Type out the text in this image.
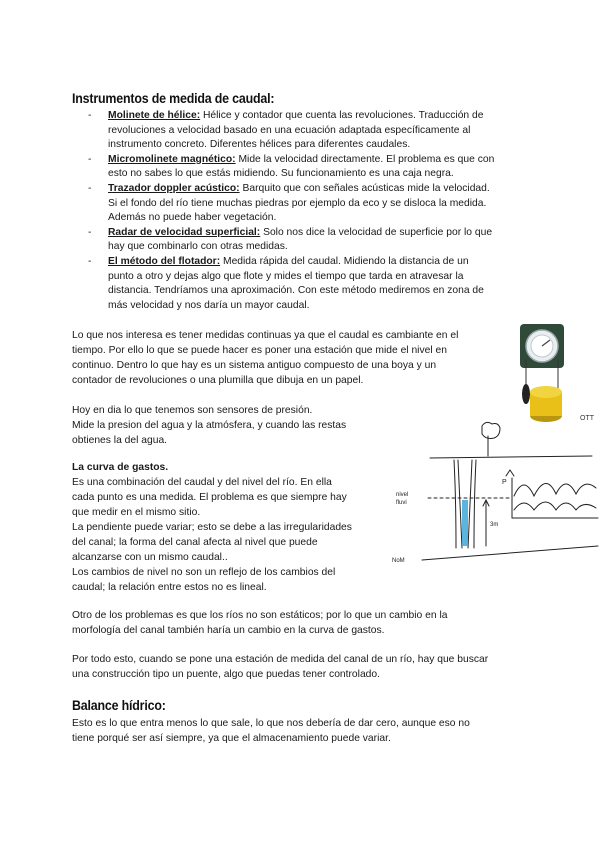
Instrumentos de medida de caudal:
- Molinete de hélice: Hélice y contador que cuenta las revoluciones. Traducción de
revoluciones a velocidad basado en una ecuación adaptada específicamente al
instrumento concreto. Diferentes hélices para diferentes caudales.
- Micromolinete magnético: Mide la velocidad directamente. El problema es que con
esto no sabes lo que estás midiendo. Su funcionamiento es una caja negra.
- Trazador doppler acústico: Barquito que con señales acústicas mide la velocidad.
Si el fondo del río tiene muchas piedras por ejemplo da eco y se disloca la medida.
Además no puede haber vegetación.
- Radar de velocidad superficial: Solo nos dice la velocidad de superficie por lo que
hay que combinarlo con otras medidas.
- El método del flotador: Medida rápida del caudal. Midiendo la distancia de un
punto a otro y dejas algo que flote y mides el tiempo que tarda en atravesar la
distancia. Tendríamos una aproximación. Con este método mediremos en zona de
más velocidad y nos daría un mayor caudal.
Lo que nos interesa es tener medidas continuas ya que el caudal es cambiante en el
tiempo. Por ello lo que se puede hacer es poner una estación que mide el nivel en
continuo. Dentro lo que hay es un sistema antiguo compuesto de una boya y un
contador de revoluciones o una plumilla que dibuja en un papel.
Hoy en dia lo que tenemos son sensores de presión.
Mide la presion del agua y la atmósfera, y cuando las restas
obtienes la del agua.
La curva de gastos.
Es una combinación del caudal y del nivel del río. En ella
cada punto es una medida. El problema es que siempre hay
que medir en el mismo sitio.
La pendiente puede variar; esto se debe a las irregularidades
del canal; la forma del canal afecta al nivel que puede
alcanzarse con un mismo caudal..
Los cambios de nivel no son un reflejo de los cambios del
caudal; la relación entre estos no es lineal.
Otro de los problemas es que los ríos no son estáticos; por lo que un cambio en la
morfología del canal también haría un cambio en la curva de gastos.
Por todo esto, cuando se pone una estación de medida del canal de un río, hay que buscar
una construcción tipo un puente, algo que puedas tener controlado.
Balance hídrico:
Esto es lo que entra menos lo que sale, lo que nos debería de dar cero, aunque eso no
tiene porqué ser así siempre, ya que el almacenamiento puede variar.
OTT
nivel
fluvi
3m
NoM
P
